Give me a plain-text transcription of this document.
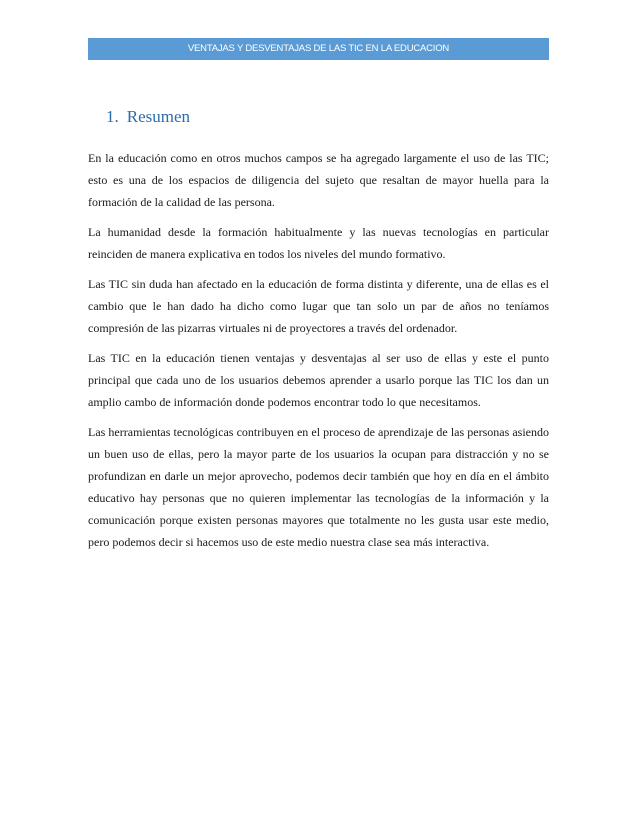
VENTAJAS Y DESVENTAJAS DE LAS TIC EN LA EDUCACION
1. Resumen

En la educación como en otros muchos campos se ha agregado largamente el uso de las TIC; esto es una de los espacios de diligencia del sujeto que resaltan de mayor huella para la formación de la calidad de las persona.

La humanidad desde la formación habitualmente y las nuevas tecnologías en particular reinciden de manera explicativa en todos los niveles del mundo formativo.

Las TIC sin duda han afectado en la educación de forma distinta y diferente, una de ellas es el cambio que le han dado ha dicho como lugar que tan solo un par de años no teníamos compresión de las pizarras virtuales ni de proyectores a través del ordenador.

Las TIC en la educación tienen ventajas y desventajas al ser uso de ellas y este el punto principal que cada uno de los usuarios debemos aprender a usarlo porque las TIC los dan un amplio cambo de información donde podemos encontrar todo lo que necesitamos.

Las herramientas tecnológicas contribuyen en el proceso de aprendizaje de las personas asiendo un buen uso de ellas, pero la mayor parte de los usuarios la ocupan para distracción y no se profundizan en darle un mejor aprovecho, podemos decir también que hoy en día en el ámbito educativo hay personas que no quieren implementar las tecnologías de la información y la comunicación porque existen personas mayores que totalmente no les gusta usar este medio, pero podemos decir si hacemos uso de este medio nuestra clase sea más interactiva.
